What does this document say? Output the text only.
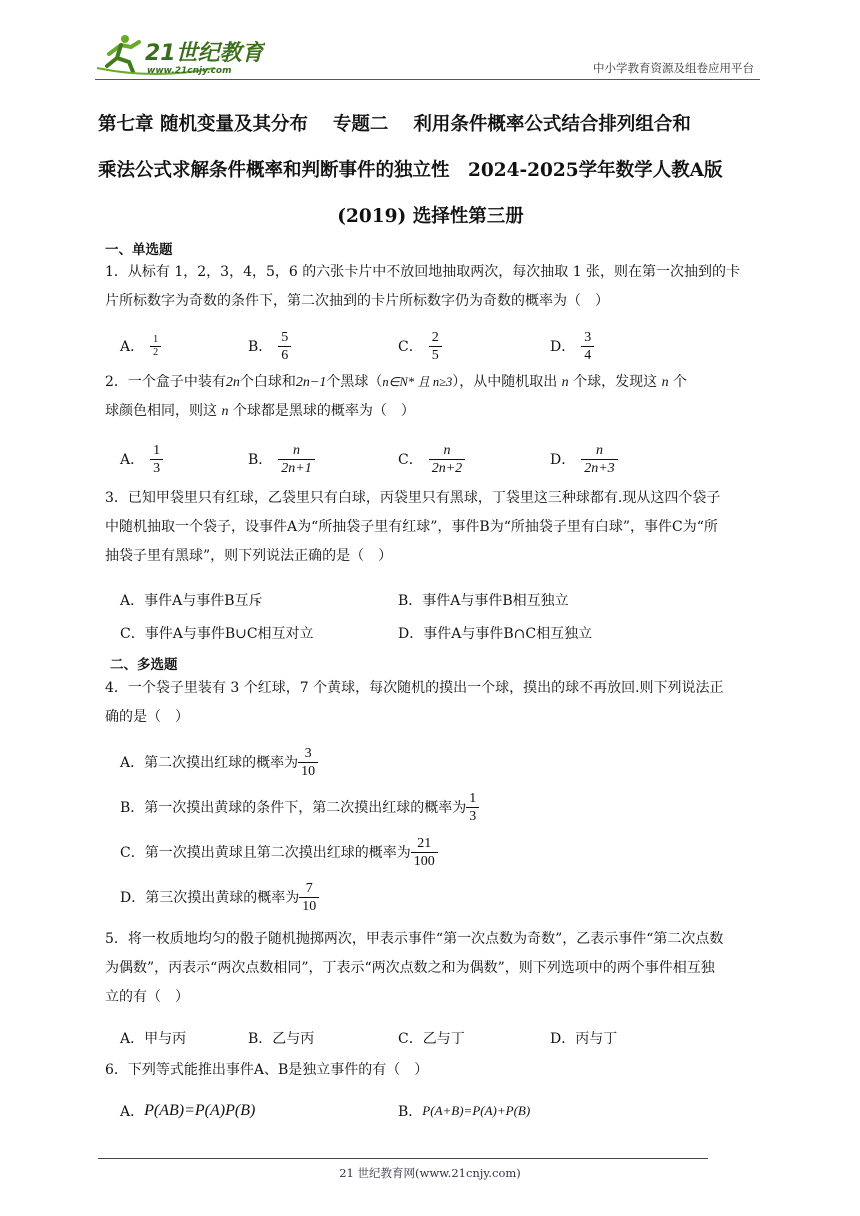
21世纪教育
www.21cnjy.com	中小学教育资源及组卷应用平台
第七章 随机变量及其分布　 专题二　 利用条件概率公式结合排列组合和
乘法公式求解条件概率和判断事件的独立性　2024-2025学年数学人教A版

(2019) 选择性第三册
一、单选题
1．从标有 1，2，3，4，5，6 的六张卡片中不放回地抽取两次，每次抽取 1 张，则在第一次抽到的卡
片所标数字为奇数的条件下，第二次抽到的卡片所标数字仍为奇数的概率为（　）
A． $\frac{1}{2}$	B． $\frac{5}{6}$	C． $\frac{2}{5}$	D． $\frac{3}{4}$
2．一个盒子中装有2n个白球和2n−1个黑球（n∈N* 且 n≥3），从中随机取出 n 个球，发现这 n 个
球颜色相同，则这 n 个球都是黑球的概率为（　）
A． $\frac{1}{3}$	B． $\frac{n}{2n+1}$	C． $\frac{n}{2n+2}$	D． $\frac{n}{2n+3}$
3．已知甲袋里只有红球，乙袋里只有白球，丙袋里只有黑球，丁袋里这三种球都有.现从这四个袋子
中随机抽取一个袋子，设事件A为“所抽袋子里有红球”，事件B为“所抽袋子里有白球”，事件C为“所
抽袋子里有黑球”，则下列说法正确的是（　）
A．事件A与事件B互斥	B．事件A与事件B相互独立
C．事件A与事件B∪C相互对立	D．事件A与事件B∩C相互独立
二、多选题
4．一个袋子里装有 3 个红球，7 个黄球，每次随机的摸出一个球，摸出的球不再放回.则下列说法正
确的是（　）
A．第二次摸出红球的概率为 $\frac{3}{10}$
B．第一次摸出黄球的条件下，第二次摸出红球的概率为 $\frac{1}{3}$
C．第一次摸出黄球且第二次摸出红球的概率为 $\frac{21}{100}$
D．第三次摸出黄球的概率为 $\frac{7}{10}$
5．将一枚质地均匀的骰子随机抛掷两次，甲表示事件“第一次点数为奇数”，乙表示事件“第二次点数
为偶数”，丙表示“两次点数相同”，丁表示“两次点数之和为偶数”，则下列选项中的两个事件相互独
立的有（　）
A．甲与丙	B．乙与丙	C．乙与丁	D．丙与丁
6．下列等式能推出事件A、B是独立事件的有（　）
A． P(AB)=P(A)P(B)	B． P(A+B)=P(A)+P(B)
21 世纪教育网(www.21cnjy.com)
